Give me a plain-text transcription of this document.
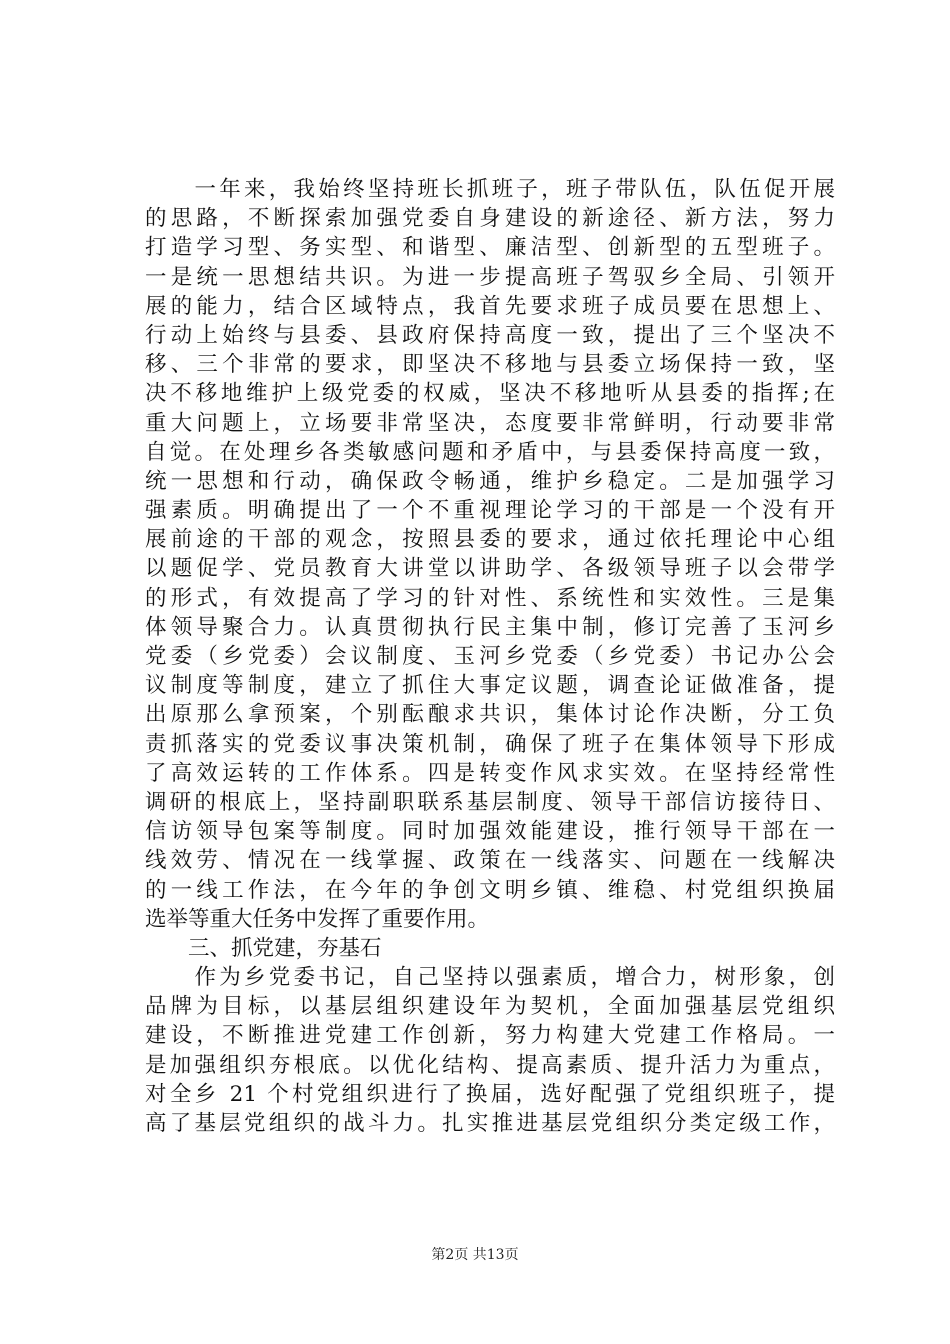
　　一年来，我始终坚持班长抓班子，班子带队伍，队伍促开展
的思路，不断探索加强党委自身建设的新途径、新方法，努力
打造学习型、务实型、和谐型、廉洁型、创新型的五型班子。
一是统一思想结共识。为进一步提高班子驾驭乡全局、引领开
展的能力，结合区域特点，我首先要求班子成员要在思想上、
行动上始终与县委、县政府保持高度一致，提出了三个坚决不
移、三个非常的要求，即坚决不移地与县委立场保持一致，坚
决不移地维护上级党委的权威，坚决不移地听从县委的指挥;在
重大问题上，立场要非常坚决，态度要非常鲜明，行动要非常
自觉。在处理乡各类敏感问题和矛盾中，与县委保持高度一致，
统一思想和行动，确保政令畅通，维护乡稳定。二是加强学习
强素质。明确提出了一个不重视理论学习的干部是一个没有开
展前途的干部的观念，按照县委的要求，通过依托理论中心组
以题促学、党员教育大讲堂以讲助学、各级领导班子以会带学
的形式，有效提高了学习的针对性、系统性和实效性。三是集
体领导聚合力。认真贯彻执行民主集中制，修订完善了玉河乡
党委（乡党委）会议制度、玉河乡党委（乡党委）书记办公会
议制度等制度，建立了抓住大事定议题，调查论证做准备，提
出原那么拿预案，个别酝酿求共识，集体讨论作决断，分工负
责抓落实的党委议事决策机制，确保了班子在集体领导下形成
了高效运转的工作体系。四是转变作风求实效。在坚持经常性
调研的根底上，坚持副职联系基层制度、领导干部信访接待日、
信访领导包案等制度。同时加强效能建设，推行领导干部在一
线效劳、情况在一线掌握、政策在一线落实、问题在一线解决
的一线工作法，在今年的争创文明乡镇、维稳、村党组织换届
选举等重大任务中发挥了重要作用。
　　三、抓党建，夯基石
　　作为乡党委书记，自己坚持以强素质，增合力，树形象，创
品牌为目标，以基层组织建设年为契机，全面加强基层党组织
建设，不断推进党建工作创新，努力构建大党建工作格局。一
是加强组织夯根底。以优化结构、提高素质、提升活力为重点，
对全乡 21 个村党组织进行了换届，选好配强了党组织班子，提
高了基层党组织的战斗力。扎实推进基层党组织分类定级工作，
第2页 共13页
